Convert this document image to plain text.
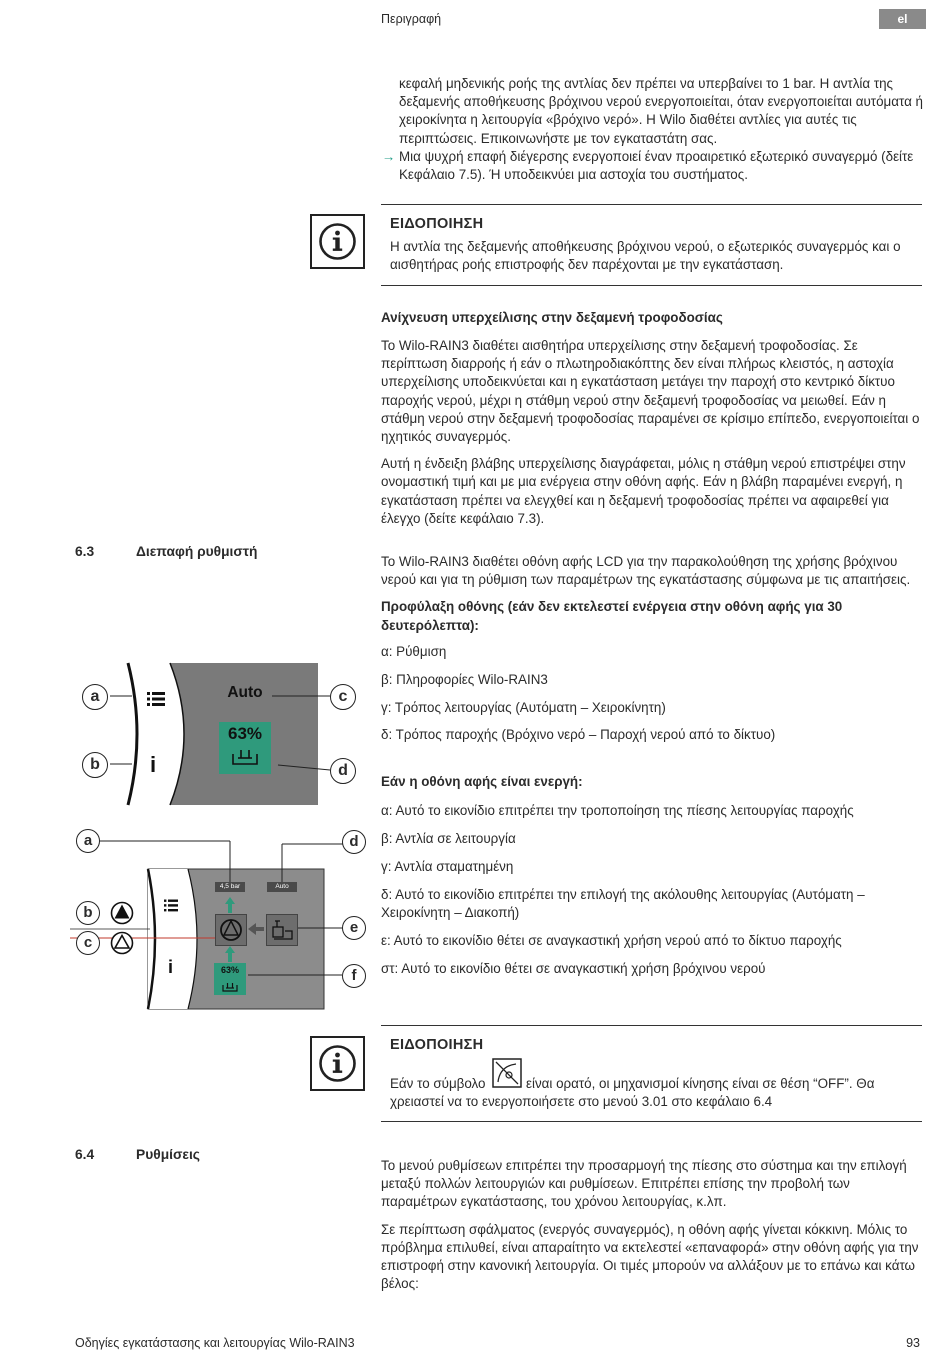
Περιγραφή	el

κεφαλή μηδενικής ροής της αντλίας δεν πρέπει να υπερβαίνει το 1 bar. Η αντλία της δεξαμενής αποθήκευσης βρόχινου νερού ενεργοποιείται, όταν ενεργοποιείται αυτόματα ή χειροκίνητα η λειτουργία «βρόχινο νερό». Η Wilo διαθέτει αντλίες για αυτές τις περιπτώσεις. Επικοινωνήστε με τον εγκαταστάτη σας.

→ Μια ψυχρή επαφή διέγερσης ενεργοποιεί έναν προαιρετικό εξωτερικό συναγερμό (δείτε Κεφάλαιο 7.5). Ή υποδεικνύει μια αστοχία του συστήματος.

ΕΙΔΟΠΟΙΗΣΗ
Η αντλία της δεξαμενής αποθήκευσης βρόχινου νερού, ο εξωτερικός συναγερμός και ο αισθητήρας ροής επιστροφής δεν παρέχονται με την εγκατάσταση.
Ανίχνευση υπερχείλισης στην δεξαμενή τροφοδοσίας

Το Wilo-RAIN3 διαθέτει αισθητήρα υπερχείλισης στην δεξαμενή τροφοδοσίας. Σε περίπτωση διαρροής ή εάν ο πλωτηροδιακόπτης δεν είναι πλήρως κλειστός, η αστοχία υπερχείλισης υποδεικνύεται και η εγκατάσταση μετάγει την παροχή στο κεντρικό δίκτυο παροχής νερού, μέχρι η στάθμη νερού στην δεξαμενή τροφοδοσίας να μειωθεί. Εάν η στάθμη νερού στην δεξαμενή τροφοδοσίας παραμένει σε κρίσιμο επίπεδο, ενεργοποιείται ο ηχητικός συναγερμός.

Αυτή η ένδειξη βλάβης υπερχείλισης διαγράφεται, μόλις η στάθμη νερού επιστρέψει στην ονομαστική τιμή και με μια ενέργεια στην οθόνη αφής. Εάν η βλάβη παραμένει ενεργή, η εγκατάσταση πρέπει να ελεγχθεί και η δεξαμενή τροφοδοσίας πρέπει να αφαιρεθεί για έλεγχο (δείτε κεφάλαιο 7.3).

6.3	Διεπαφή ρυθμιστή

Το Wilo-RAIN3 διαθέτει οθόνη αφής LCD για την παρακολούθηση της χρήσης βρόχινου νερού και για τη ρύθμιση των παραμέτρων της εγκατάστασης σύμφωνα με τις απαιτήσεις.

Προφύλαξη οθόνης (εάν δεν εκτελεστεί ενέργεια στην οθόνη αφής για 30 δευτερόλεπτα):

α: Ρύθμιση

β: Πληροφορίες Wilo-RAIN3

γ: Τρόπος λειτουργίας (Αυτόματη – Χειροκίνητη)

δ: Τρόπος παροχής (Βρόχινο νερό – Παροχή νερού από το δίκτυο)

Εάν η οθόνη αφής είναι ενεργή:

α: Αυτό το εικονίδιο επιτρέπει την τροποποίηση της πίεσης λειτουργίας παροχής

β: Αντλία σε λειτουργία

γ: Αντλία σταματημένη

δ: Αυτό το εικονίδιο επιτρέπει την επιλογή της ακόλουθης λειτουργίας (Αυτόματη – Χειροκίνητη – Διακοπή)

ε: Αυτό το εικονίδιο θέτει σε αναγκαστική χρήση νερού από το δίκτυο παροχής

στ: Αυτό το εικονίδιο θέτει σε αναγκαστική χρήση βρόχινου νερού

i
Auto
63%
a
b
c
d
4,5 bar	Auto
i	63%
a
b
c
d
e
f
ΕΙΔΟΠΟΙΗΣΗ
Εάν το σύμβολο	είναι ορατό, οι μηχανισμοί κίνησης είναι σε θέση “OFF”. Θα χρειαστεί να το ενεργοποιήσετε στο μενού 3.01 στο κεφάλαιο 6.4
6.4	Ρυθμίσεις

Το μενού ρυθμίσεων επιτρέπει την προσαρμογή της πίεσης στο σύστημα και την επιλογή μεταξύ πολλών λειτουργιών και ρυθμίσεων. Επιτρέπει επίσης την προβολή των παραμέτρων εγκατάστασης, του χρόνου λειτουργίας, κ.λπ.

Σε περίπτωση σφάλματος (ενεργός συναγερμός), η οθόνη αφής γίνεται κόκκινη. Μόλις το πρόβλημα επιλυθεί, είναι απαραίτητο να εκτελεστεί «επαναφορά» στην οθόνη αφής για την επιστροφή στην κανονική λειτουργία. Οι τιμές μπορούν να αλλάξουν με το επάνω και κάτω βέλος:

Οδηγίες εγκατάστασης και λειτουργίας Wilo-RAIN3	93
